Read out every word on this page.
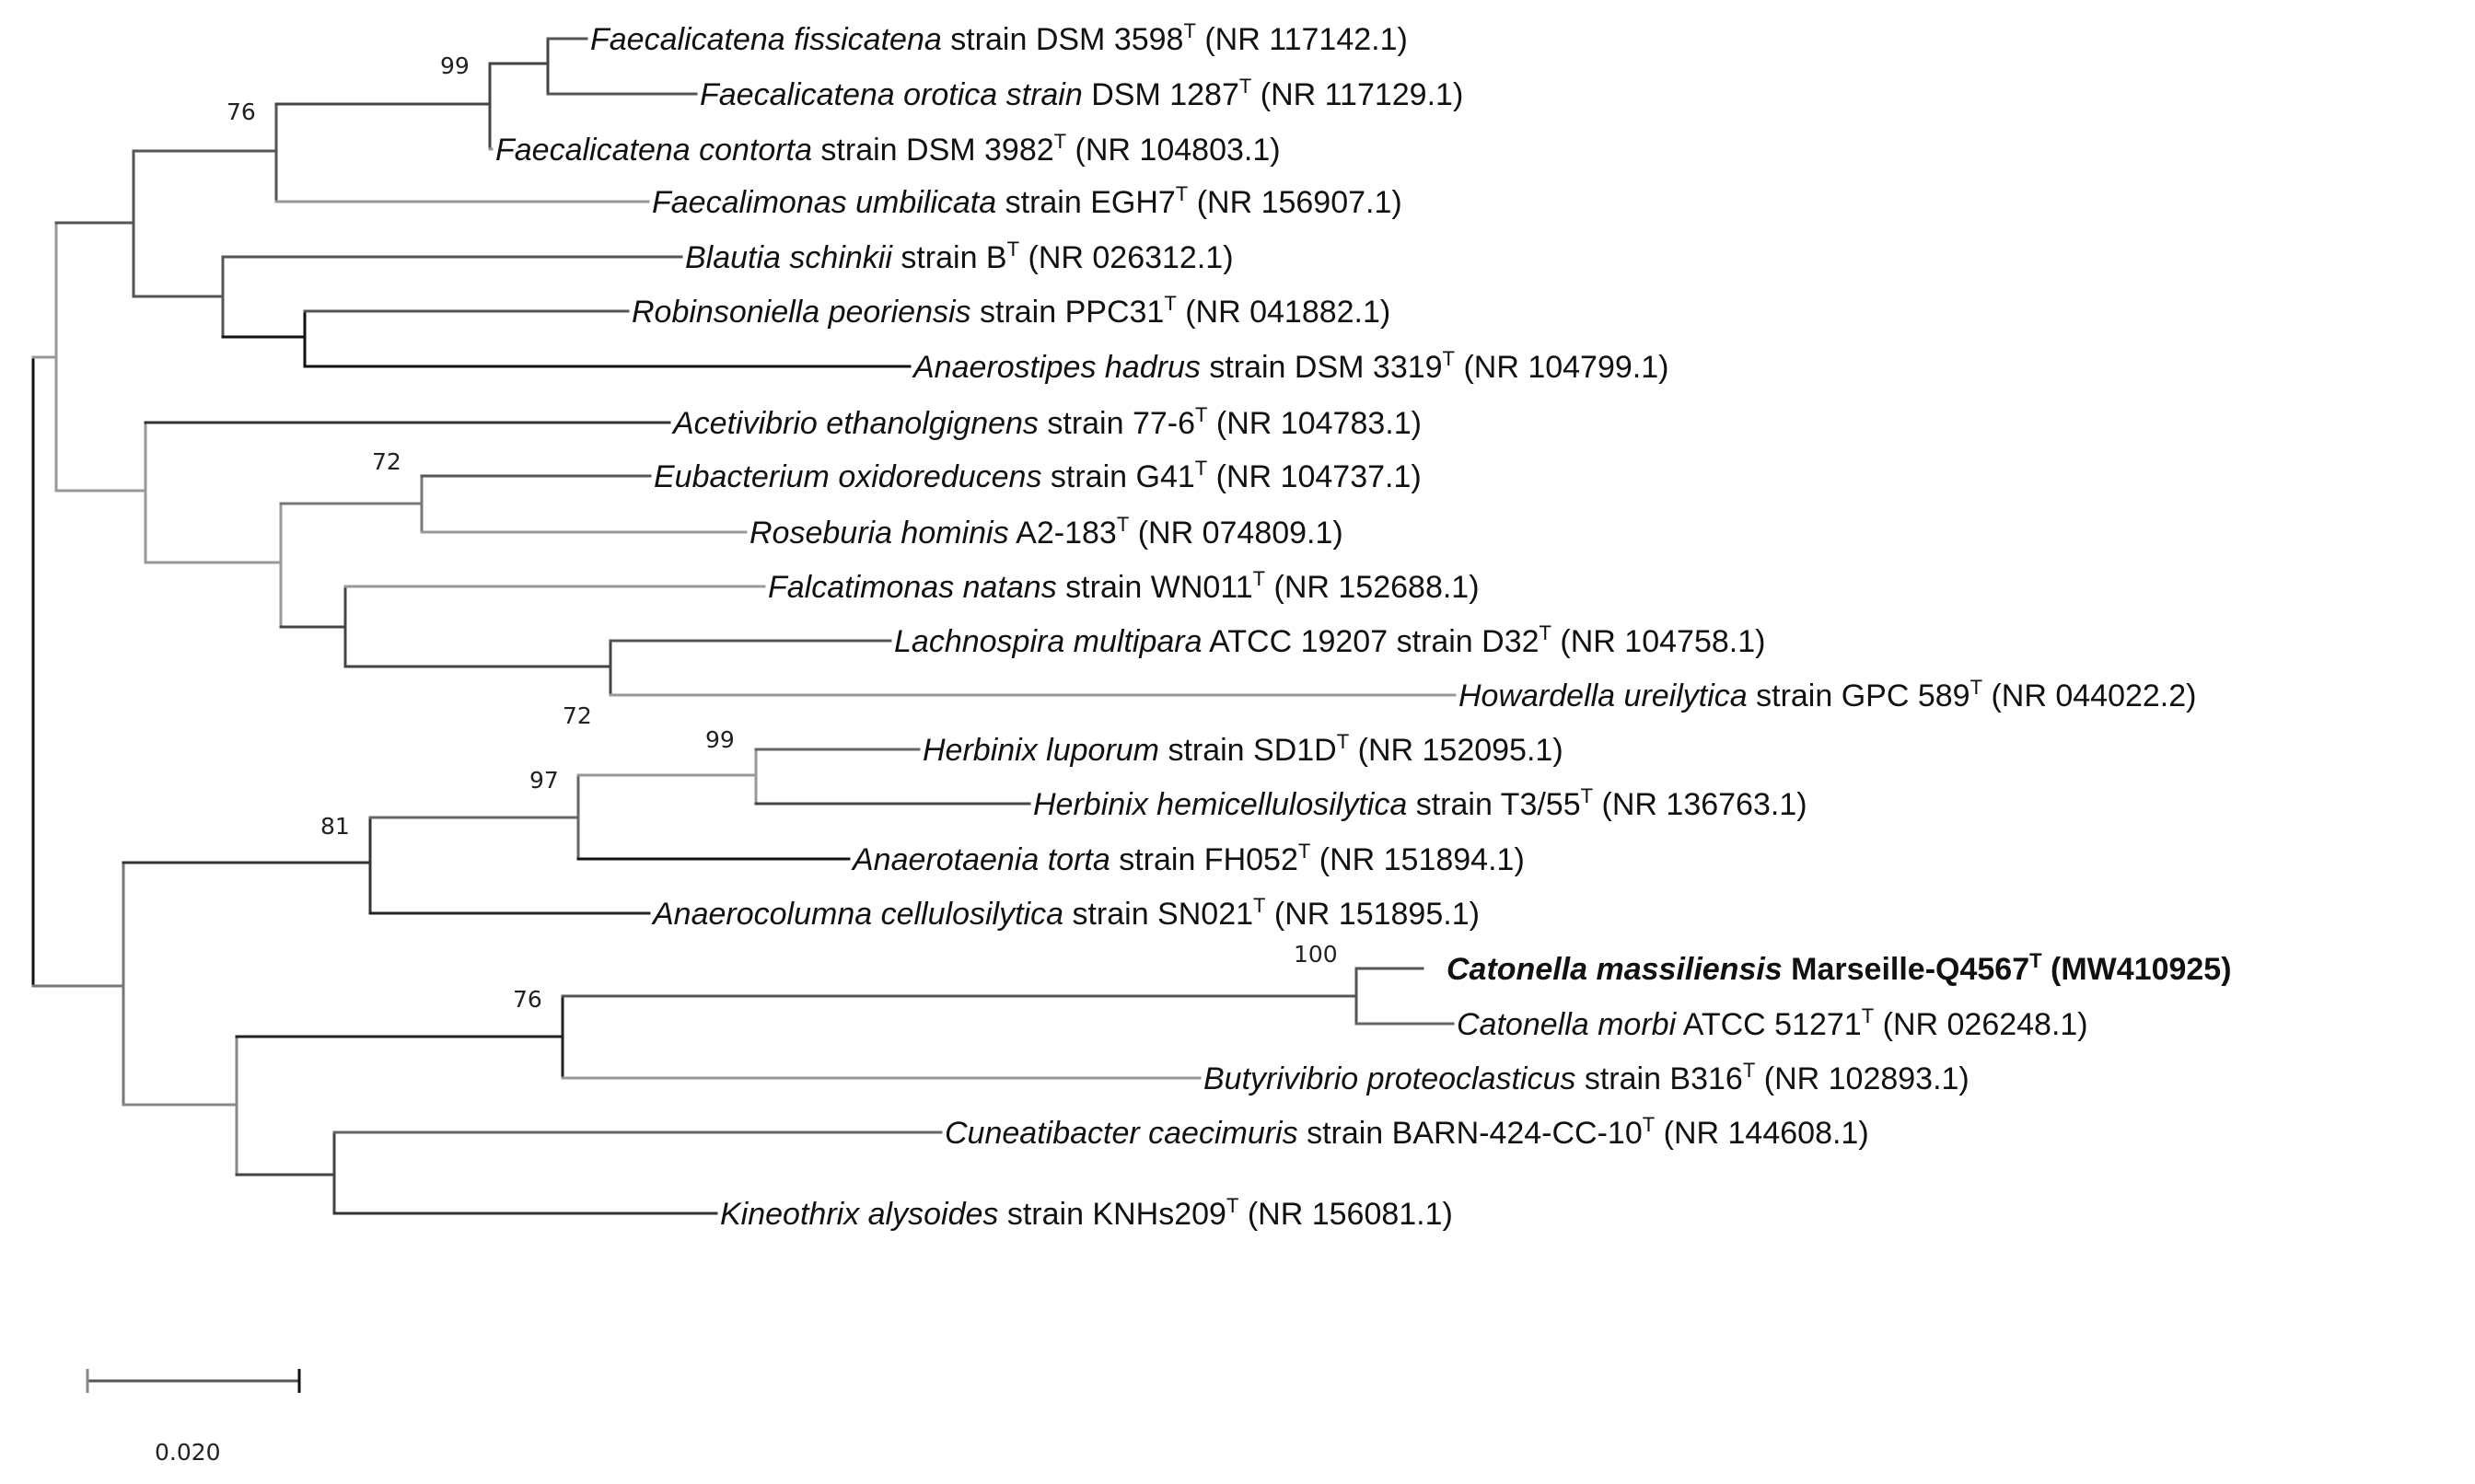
Faecalicatena fissicatena strain DSM $3598^T$ (NR 117142.1)
Faecalicatena orotica strain DSM $1287^T$ (NR 117129.1)
Faecalicatena contorta strain DSM $3982^T$ (NR 104803.1)
Faecalimonas umbilicata strain $EGH7^T$ (NR 156907.1)
Blautia schinkii strain $B^T$ (NR 026312.1)
Robinsoniella peoriensis strain $PPC31^T$ (NR 041882.1)
Anaerostipes hadrus strain DSM $3319^T$ (NR 104799.1)
Acetivibrio ethanolgignens strain $77-6^T$ (NR 104783.1)
Eubacterium oxidoreducens strain $G41^T$ (NR 104737.1)
Roseburia hominis $A2-183^T$ (NR 074809.1)
Falcatimonas natans strain $WN011^T$ (NR 152688.1)
Lachnospira multipara ATCC 19207 strain $D32^T$ (NR 104758.1)
Howardella ureilytica strain GPC $589^T$ (NR 044022.2)
Herbinix luporum strain $SD1D^T$ (NR 152095.1)
Herbinix hemicellulosilytica strain $T3/55^T$ (NR 136763.1)
Anaerotaenia torta strain $FH052^T$ (NR 151894.1)
Anaerocolumna cellulosilytica strain $SN021^T$ (NR 151895.1)
Catonella massiliensis Marseille-$Q4567^T$ (MW410925)
Catonella morbi ATCC $51271^T$ (NR 026248.1)
Butyrivibrio proteoclasticus strain $B316^T$ (NR 102893.1)
Cuneatibacter caecimuris strain BARN-$424-CC-10^T$ (NR 144608.1)
Kineothrix alysoides strain $KNHs209^T$ (NR 156081.1)
99
76
72
72
99
97
81
100
76
0.020
